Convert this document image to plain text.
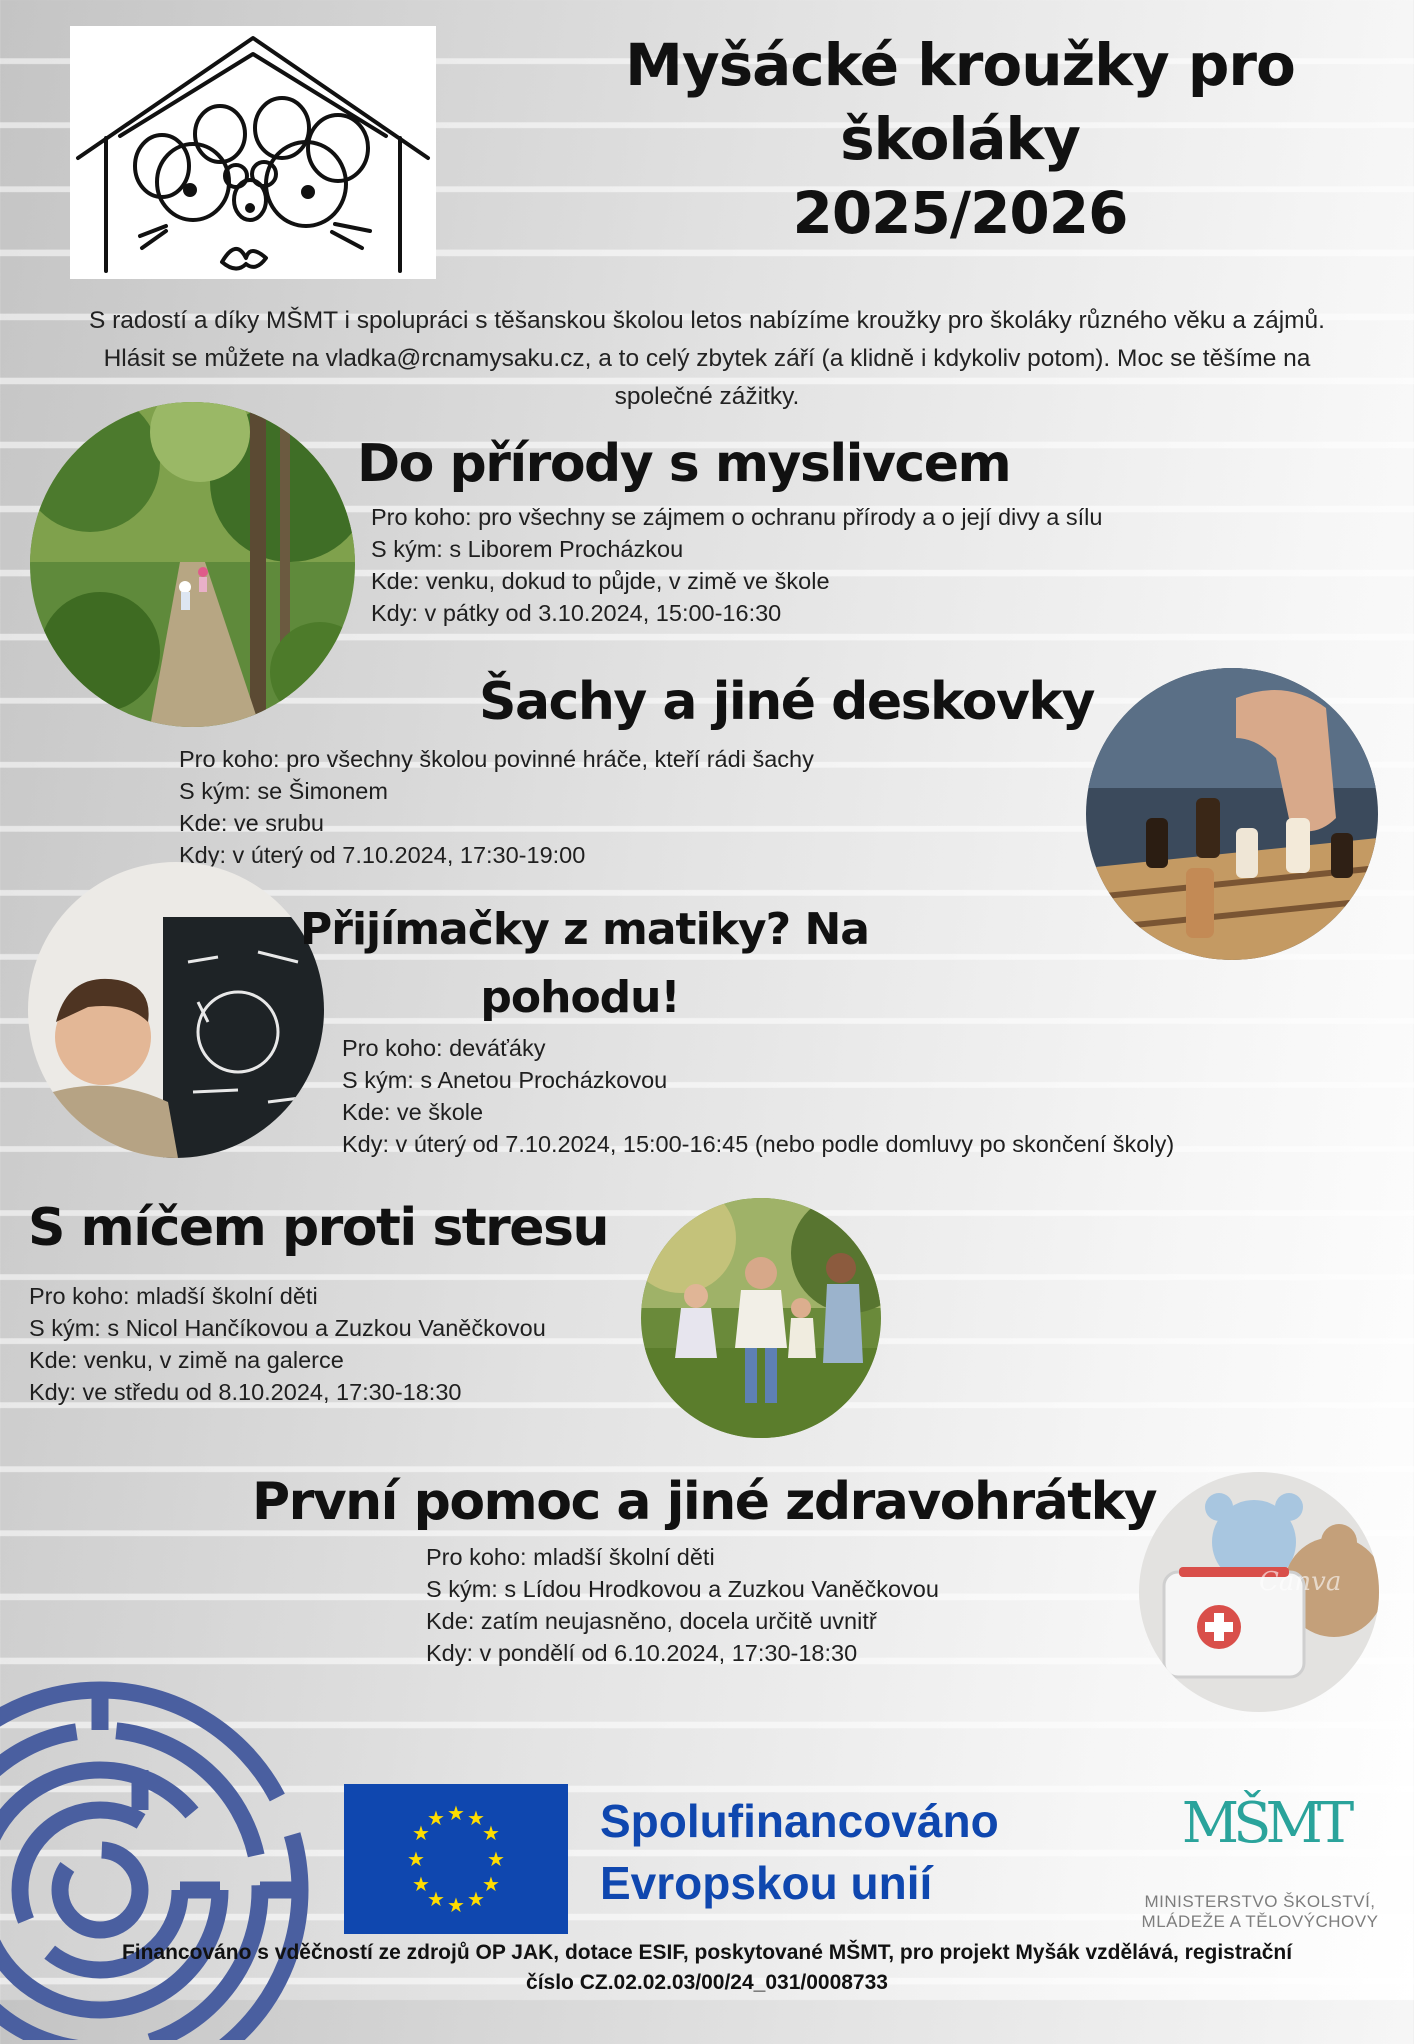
Myšácké kroužky pro
školáky
2025/2026
S radostí a díky MŠMT i spolupráci s těšanskou školou letos nabízíme kroužky pro školáky různého věku a zájmů.
Hlásit se můžete na vladka@rcnamysaku.cz, a to celý zbytek září (a klidně i kdykoliv potom). Moc se těšíme na
společné zážitky.
Do přírody s myslivcem
Pro koho: pro všechny se zájmem o ochranu přírody a o její divy a sílu
S kým: s Liborem Procházkou
Kde: venku, dokud to půjde, v zimě ve škole
Kdy: v pátky od 3.10.2024, 15:00-16:30
Šachy a jiné deskovky
Pro koho: pro všechny školou povinné hráče, kteří rádi šachy
S kým: se Šimonem
Kde: ve srubu
Kdy: v úterý od 7.10.2024, 17:30-19:00
Přijímačky z matiky? Na
pohodu!
Pro koho: deváťáky
S kým: s Anetou Procházkovou
Kde: ve škole
Kdy: v úterý od 7.10.2024, 15:00-16:45 (nebo podle domluvy po skončení školy)
S míčem proti stresu
Pro koho: mladší školní děti
S kým: s Nicol Hančíkovou a Zuzkou Vaněčkovou
Kde: venku, v zimě na galerce
Kdy: ve středu od 8.10.2024, 17:30-18:30
První pomoc a jiné zdravohrátky
Pro koho: mladší školní děti
S kým: s Lídou Hrodkovou a Zuzkou Vaněčkovou
Kde: zatím neujasněno, docela určitě uvnitř
Kdy: v pondělí od 6.10.2024, 17:30-18:30
Canva
★ ★
★
★
★
★
★
★
★
★
★
★	Spolufinancováno
Evropskou unií
MŠMT
MINISTERSTVO ŠKOLSTVÍ,
MLÁDEŽE A TĚLOVÝCHOVY
Financováno s vděčností ze zdrojů OP JAK, dotace ESIF, poskytované MŠMT, pro projekt Myšák vzdělává, registrační
číslo CZ.02.02.03/00/24_031/0008733
